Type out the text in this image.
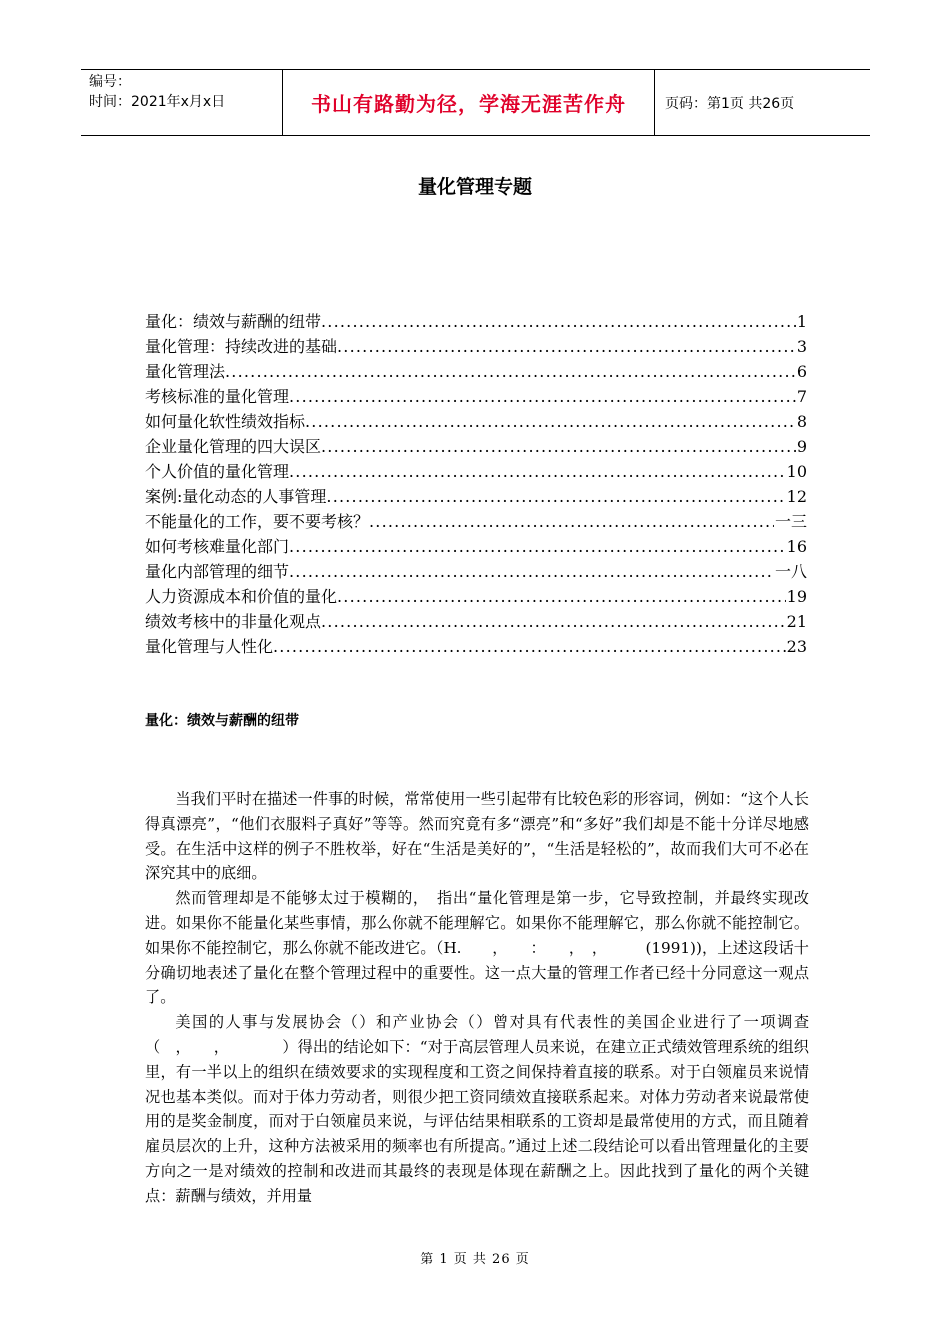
编号：
时间：2021年x月x日	书山有路勤为径，学海无涯苦作舟	页码：第1页 共26页
量化管理专题
量化：绩效与薪酬的纽带 .....	1
量化管理：持续改进的基础 .....	3
量化管理法 .....	6
考核标准的量化管理 .....	7
如何量化软性绩效指标 .....	8
企业量化管理的四大误区 .....	9
个人价值的量化管理 .....	10
案例:量化动态的人事管理 .....	12
不能量化的工作，要不要考核？ .....	一三
如何考核难量化部门 .....	16
量化内部管理的细节 .....	一八
人力资源成本和价值的量化 .....	19
绩效考核中的非量化观点 .....	21
量化管理与人性化 .....	23
量化：绩效与薪酬的纽带

当我们平时在描述一件事的时候，常常使用一些引起带有比较色彩的形容词，例如：“这个人长得真漂亮”，“他们衣服料子真好”等等。然而究竟有多“漂亮”和“多好”我们却是不能十分详尽地感受。在生活中这样的例子不胜枚举，好在“生活是美好的”，“生活是轻松的”，故而我们大可不必在深究其中的底细。

然而管理却是不能够太过于模糊的，　指出“量化管理是第一步，它导致控制，并最终实现改进。如果你不能量化某些事情，那么你就不能理解它。如果你不能理解它，那么你就不能控制它。如果你不能控制它，那么你就不能改进它。（H.　　，　　：　　，　，　　　(1991))，上述这段话十分确切地表述了量化在整个管理过程中的重要性。这一点大量的管理工作者已经十分同意这一观点了。

美国的人事与发展协会（）和产业协会（）曾对具有代表性的美国企业进行了一项调查（　，　　，　　　　）得出的结论如下：“对于高层管理人员来说，在建立正式绩效管理系统的组织里，有一半以上的组织在绩效要求的实现程度和工资之间保持着直接的联系。对于白领雇员来说情况也基本类似。而对于体力劳动者，则很少把工资同绩效直接联系起来。对体力劳动者来说最常使用的是奖金制度，而对于白领雇员来说，与评估结果相联系的工资却是最常使用的方式，而且随着雇员层次的上升，这种方法被采用的频率也有所提高。”通过上述二段结论可以看出管理量化的主要方向之一是对绩效的控制和改进而其最终的表现是体现在薪酬之上。因此找到了量化的两个关键点：薪酬与绩效，并用量

第 1 页 共 26 页
